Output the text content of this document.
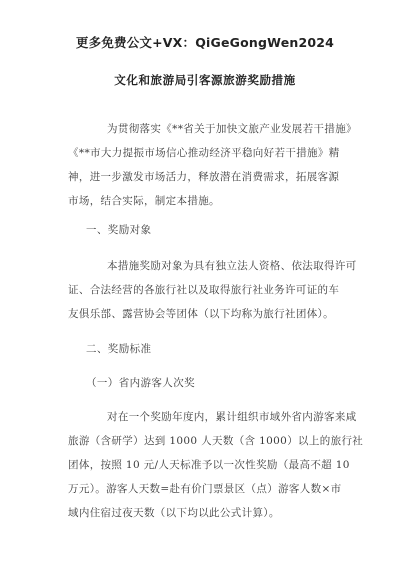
更多免费公文+VX：QiGeGongWen2024
文化和旅游局引客源旅游奖励措施
为贯彻落实《**省关于加快文旅产业发展若干措施》
《**市大力提振市场信心推动经济平稳向好若干措施》精
神，进一步激发市场活力，释放潜在消费需求，拓展客源
市场，结合实际，制定本措施。
一、奖励对象
本措施奖励对象为具有独立法人资格、依法取得许可
证、合法经营的各旅行社以及取得旅行社业务许可证的车
友俱乐部、露营协会等团体（以下均称为旅行社团体）。
二、奖励标准
（一）省内游客人次奖
对在一个奖励年度内，累计组织市域外省内游客来咸
旅游（含研学）达到 1000 人天数（含 1000）以上的旅行社
团体，按照 10 元/人天标准予以一次性奖励（最高不超 10
万元）。游客人天数=赴有价门票景区（点）游客人数×市
域内住宿过夜天数（以下均以此公式计算）。
